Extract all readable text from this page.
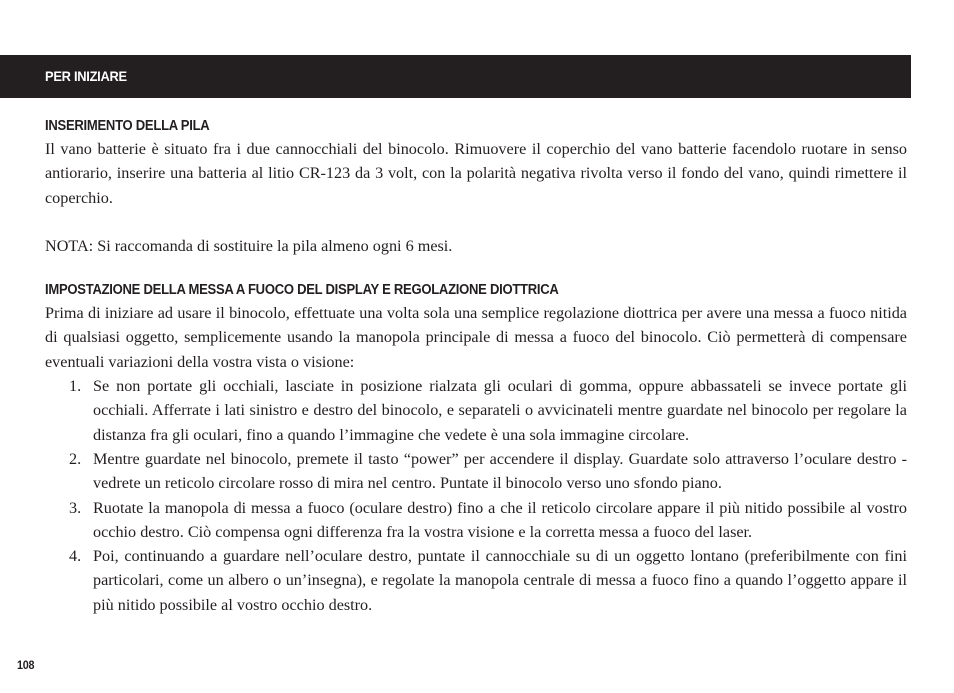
PER INIZIARE
INSERIMENTO DELLA PILA

Il vano batterie è situato fra i due cannocchiali del binocolo. Rimuovere il coperchio del vano batterie facendolo ruotare in senso antiorario, inserire una batteria al litio CR-123 da 3 volt, con la polarità negativa rivolta verso il fondo del vano, quindi rimettere il coperchio.

NOTA: Si raccomanda di sostituire la pila almeno ogni 6 mesi.

IMPOSTAZIONE DELLA MESSA A FUOCO DEL DISPLAY E REGOLAZIONE DIOTTRICA

Prima di iniziare ad usare il binocolo, effettuate una volta sola una semplice regolazione diottrica per avere una messa a fuoco nitida di qualsiasi oggetto, semplicemente usando la manopola principale di messa a fuoco del binocolo. Ciò permetterà di compensare eventuali variazioni della vostra vista o visione:

1. Se non portate gli occhiali, lasciate in posizione rialzata gli oculari di gomma, oppure abbassateli se invece portate gli occhiali. Afferrate i lati sinistro e destro del binocolo, e separateli o avvicinateli mentre guardate nel binocolo per regolare la distanza fra gli oculari, fino a quando l’immagine che vedete è una sola immagine circolare.
2. Mentre guardate nel binocolo, premete il tasto “power” per accendere il display. Guardate solo attraverso l’oculare destro - vedrete un reticolo circolare rosso di mira nel centro. Puntate il binocolo verso uno sfondo piano.
3. Ruotate la manopola di messa a fuoco (oculare destro) fino a che il reticolo circolare appare il più nitido possibile al vostro occhio destro. Ciò compensa ogni differenza fra la vostra visione e la corretta messa a fuoco del laser.
4. Poi, continuando a guardare nell’oculare destro, puntate il cannocchiale su di un oggetto lontano (preferibilmente con fini particolari, come un albero o un’insegna), e regolate la manopola centrale di messa a fuoco fino a quando l’oggetto appare il più nitido possibile al vostro occhio destro.
108
